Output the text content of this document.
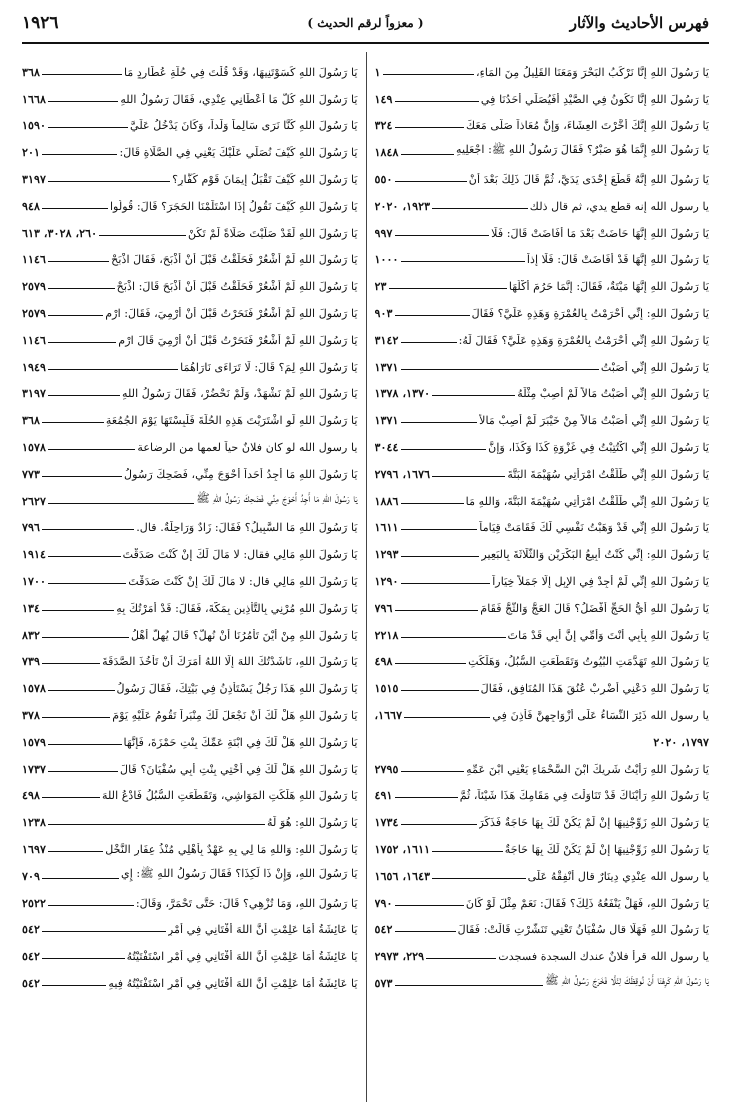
فهرس الأحاديث والآثار
( معزواً لرقم الحديث )
١٩٢٦
يَا رَسُولَ اللهِ إِنَّا نَرْكَبُ البَحْرَ وَمَعَنَا القَلِيلُ مِنَ المَاءِ،
١
يَا رَسُولَ اللهِ إِنَّا نَكُونُ فِي الصَّيْدِ أَفَيُصَلِّي أَحَدُنَا فِي
١٤٩
يَا رَسُولَ اللهِ إِنَّكَ أَخَّرْتَ العِشَاءَ، وَإِنَّ مُعَاذاً صَلَّى مَعَكَ
٣٢٤
يَا رَسُولَ اللهِ إِنَّمَا هُوَ صَبْرٌ؟ فَقَالَ رَسُولُ اللهِ ﷺ: اجْعَلِيهِ
١٨٤٨
يَا رَسُولَ اللهِ إِنَّهُ قَطَعَ إِحْدَى يَدَيَّ، ثُمَّ قَالَ ذَلِكَ بَعْدَ أَنْ
٥٥٠
يا رسول الله إنه قطع يدي، ثم قال ذلك
١٩٢٣، ٢٠٢٠
يَا رَسُولَ اللهِ إِنَّهَا حَاضَتْ بَعْدَ مَا أَفَاضَتْ قَالَ: فَلَا
٩٩٧
يَا رَسُولَ اللهِ إِنَّهَا قَدْ أَفَاضَتْ قَالَ: فَلَا إِذاً
١٠٠٠
يَا رَسُولَ اللهِ إِنَّهَا مَيْتَةٌ، فَقَالَ: إِنَّمَا حَرُمَ أَكْلُهَا
٢٣
يَا رَسُولَ اللهِ: إِنِّي أَحْرَمْتُ بِالعُمْرَةِ وَهَذِهِ عَلَيَّ؟ فَقَالَ
٩٠٣
يَا رَسُولَ اللهِ إِنِّي أَحْرَمْتُ بِالعُمْرَةِ وَهَذِهِ عَلَيَّ؟ فَقَالَ لَهُ:
٣١٤٢
يَا رَسُولَ اللهِ إِنِّي أَصَبْتُ
١٣٧١
يَا رَسُولَ اللهِ إِنِّي أَصَبْتُ مَالاً لَمْ أُصِبْ مِثْلَهُ
١٣٧٠، ١٣٧٨
يَا رَسُولَ اللهِ إِنِّي أَصَبْتُ مَالاً مِنْ خَيْبَرَ لَمْ أُصِبْ مَالاً
١٣٧١
يَا رَسُولَ اللهِ إِنِّي اكْتُتِبْتُ فِي غَزْوَةِ كَذَا وَكَذَا، وَإِنَّ
٣٠٤٤
يَا رَسُولَ اللهِ إِنِّي طَلَّقْتُ امْرَأَتِي سُهَيْمَةَ البَتَّةَ
١٦٧٦، ٢٧٩٦
يَا رَسُولَ اللهِ إِنِّي طَلَّقْتُ امْرَأَتِي سُهَيْمَةَ البَتَّةَ، وَاللهِ مَا
١٨٨٦
يَا رَسُولَ اللهِ إِنِّي قَدْ وَهَبْتُ نَفْسِي لَكَ فَقَامَتْ قِيَاماً
١٦١١
يَا رَسُولَ اللهِ: إِنِّي كُنْتُ أَبِيعُ البَكْرَيْنِ وَالثَّلَاثَةَ بِالبَعِيرِ
١٢٩٣
يَا رَسُولَ اللهِ إِنِّي لَمْ أَجِدْ فِي الإِبِلِ إِلَّا جَمَلاً خِيَاراً
١٢٩٠
يَا رَسُولَ اللهِ أَيُّ الحَجِّ أَفْضَلُ؟ قَالَ العَجُّ وَالثَّجُّ فَقَامَ
٧٩٦
يَا رَسُولَ اللهِ بِأَبِي أَنْتَ وَأُمِّي إِنَّ أَبِي قَدْ مَاتَ
٢٢١٨
يَا رَسُولَ اللهِ تَهَدَّمَتِ البُيُوتُ وَتَقَطَّعَتِ السُّبُلُ، وَهَلَكَتِ
٤٩٨
يَا رَسُولَ اللهِ دَعْنِي أَضْرِبْ عُنُقَ هَذَا المُنَافِقِ، فَقَالَ
١٥١٥
يا رسول الله ذَئِرَ النِّسَاءُ عَلَى أَزْوَاجِهِنَّ فَأَذِنَ فِي
١٦٦٧،
١٧٩٧، ٢٠٢٠
يَا رَسُولَ اللهِ رَأَيْتُ شَرِيكَ ابْنَ السَّحْمَاءِ يَعْنِي ابْنَ عَمِّهِ
٢٧٩٥
يَا رَسُولَ اللهِ رَأَيْنَاكَ قَدْ تَنَاوَلْتَ فِي مَقَامِكَ هَذَا شَيْئاً، ثُمَّ
٤٩١
يَا رَسُولَ اللهِ زَوِّجْنِيهَا إِنْ لَمْ يَكُنْ لَكَ بِهَا حَاجَةٌ فَذَكَرَ
١٧٣٤
يَا رَسُولَ اللهِ زَوِّجْنِيهَا إِنْ لَمْ يَكُنْ لَكَ بِهَا حَاجَةٌ
١٦١١، ١٧٥٢
يا رسول الله عِنْدِي دِينَارٌ قال أَنْفِقْهُ عَلَى
١٦٤٣، ١٦٥٦
يَا رَسُولَ اللهِ، فَهَلْ يَنْفَعُهُ ذَلِكَ؟ فَقَالَ: نَعَمْ مِثْلَ لَوْ كَانَ
٧٩٠
يَا رَسُولَ اللهِ فَهَلَّا قال سُفْيَانُ تَعْنِي تَنَشَّرْتِ قَالَتْ: فَقَالَ
٥٤٢
يا رسول الله قرأ فلانٌ عندك السجدة فسجدت
٢٢٩، ٢٩٧٣
يَا رَسُولَ اللهِ كَرِهْنَا أَنْ نُوقِظَكَ لِئَلَّا فَخَرَجَ رَسُولُ اللهِ ﷺ
٥٧٣
يَا رَسُولَ اللهِ كَسَوْتَنِيهَا، وَقَدْ قُلْتَ فِي حُلَّةِ عُطَارِدٍ مَا
٣٦٨
يَا رَسُولَ اللهِ كُلُّ مَا أَعْطَانِي عِنْدِي، فَقَالَ رَسُولُ اللهِ
١٦٦٨
يَا رَسُولَ اللهِ كُنَّا نَرَى سَالِماً وَلَداً، وَكَانَ يَدْخُلُ عَلَيَّ
١٥٩٠
يَا رَسُولَ اللهِ كَيْفَ نُصَلِّي عَلَيْكَ يَعْنِي فِي الصَّلَاةِ قَالَ:
٢٠١
يَا رَسُولَ اللهِ كَيْفَ تَقْبَلُ إِيمَانَ قَوْمٍ كُفَّارٍ؟
٣١٩٧
يَا رَسُولَ اللهِ كَيْفَ نَقُولُ إِذَا اسْتَلَمْنَا الحَجَرَ؟ قَالَ: قُولُوا
٩٤٨
يَا رَسُولَ اللهِ لَقَدْ صَلَّيْتَ صَلَاةً لَمْ تَكُنْ
٢٦٠، ٣٠٢٨، ٦١٣
يَا رَسُولَ اللهِ لَمْ أَشْعُرْ فَحَلَقْتُ قَبْلَ أَنْ أَذْبَحَ، فَقَالَ اذْبَحْ
١١٤٦
يَا رَسُولَ اللهِ لَمْ أَشْعُرْ فَحَلَقْتُ قَبْلَ أَنْ أَذْبَحَ قَالَ: اذْبَحْ
٢٥٧٩
يَا رَسُولَ اللهِ لَمْ أَشْعُرْ فَنَحَرْتُ قَبْلَ أَنْ أَرْمِيَ، فَقَالَ: ارْمِ
٢٥٧٩
يَا رَسُولَ اللهِ لَمْ أَشْعُرْ فَنَحَرْتُ قَبْلَ أَنْ أَرْمِيَ قَالَ ارْمِ
١١٤٦
يَا رَسُولَ اللهِ لِمَ؟ قَالَ: لَا تَرَاءَى نَارَاهُمَا
١٩٤٩
يَا رَسُولَ اللهِ لَمْ نَشْهَدْ، وَلَمْ نَحْضُرْ، فَقَالَ رَسُولُ اللهِ
٣١٩٧
يَا رَسُولَ اللهِ لَوِ اشْتَرَيْتَ هَذِهِ الحُلَّةَ فَلَبِسْتَهَا يَوْمَ الجُمُعَةِ
٣٦٨
يا رسول الله لو كان فلانٌ حياً لعمها من الرضاعة
١٥٧٨
يَا رَسُولَ اللهِ مَا أَجِدُ أَحَداً أَحْوَجَ مِنِّي، فَضَحِكَ رَسُولُ
٧٧٣
يَا رَسُولَ اللهِ مَا أَجِدُ أَحْوَجَ مِنِّي فَضَحِكَ رَسُولُ اللهِ ﷺ
٢٦٢٧
يَا رَسُولَ اللهِ مَا السَّبِيلُ؟ فَقَالَ: زَادٌ وَرَاحِلَةٌ. قال.
٧٩٦
يَا رَسُولَ اللهِ مَالِي فقال: لا مَالَ لَكَ إِنْ كُنْتَ صَدَقْتَ
١٩١٤
يَا رَسُولَ اللهِ مَالِي قال: لا مَالَ لَكَ إِنْ كُنْتَ صَدَقْتَ
١٧٠٠
يَا رَسُولَ اللهِ مُرْنِي بِالتَّأْذِينِ بِمَكَّةَ، فَقَالَ: قَدْ أَمَرْتُكَ بِهِ
١٣٤
يَا رَسُولَ اللهِ مِنْ أَيْنَ تَأْمُرُنَا أَنْ نُهِلَّ؟ قَالَ يُهِلُّ أَهْلُ
٨٣٢
يَا رَسُولَ اللهِ، نَاشَدْتُكَ اللهَ إِلَّا اللهُ أَمَرَكَ أَنْ تَأْخُذَ الصَّدَقَةَ
٧٣٩
يَا رَسُولَ اللهِ هَذَا رَجُلٌ يَسْتَأْذِنُ فِي بَيْتِكَ، فَقَالَ رَسُولُ
١٥٧٨
يَا رَسُولَ اللهِ هَلْ لَكَ أَنْ نَجْعَلَ لَكَ مِنْبَراً تَقُومُ عَلَيْهِ يَوْمَ
٣٧٨
يَا رَسُولَ اللهِ هَلْ لَكَ فِي ابْنَةِ عَمِّكَ بِنْتِ حَمْزَةَ، فَإِنَّهَا
١٥٧٩
يَا رَسُولَ اللهِ هَلْ لَكَ فِي أُخْتِي بِنْتِ أَبِي سُفْيَانَ؟ قَالَ
١٧٣٧
يَا رَسُولَ اللهِ هَلَكَتِ المَوَاشِي، وَتَقَطَّعَتِ السُّبُلُ فَادْعُ اللهَ
٤٩٨
يَا رَسُولَ اللهِ: هُوَ لَهُ
١٢٣٨
يَا رَسُولَ اللهِ: وَاللهِ مَا لِي بِهِ عَهْدٌ بِأَهْلِي مُنْذُ عِفَارِ النَّخْلِ
١٦٩٧
يَا رَسُولَ اللهِ، وَإِنْ ذَا لَكِذَا؟ فَقَالَ رَسُولُ اللهِ ﷺ: إِي
٧٠٩
يَا رَسُولَ اللهِ، وَمَا تُزْهِي؟ قَالَ: حَتَّى تَحْمَرَّ، وَقَالَ:
٢٥٢٢
يَا عَائِشَةُ أَمَا عَلِمْتِ أَنَّ اللهَ أَفْتَانِي فِي أَمْرٍ
٥٤٢
يَا عَائِشَةُ أَمَا عَلِمْتِ أَنَّ اللهَ أَفْتَانِي فِي أَمْرٍ اسْتَفْتَيْتُهُ
٥٤٢
يَا عَائِشَةُ أَمَا عَلِمْتِ أَنَّ اللهَ أَفْتَانِي فِي أَمْرٍ اسْتَفْتَيْتُهُ فِيهِ
٥٤٢
